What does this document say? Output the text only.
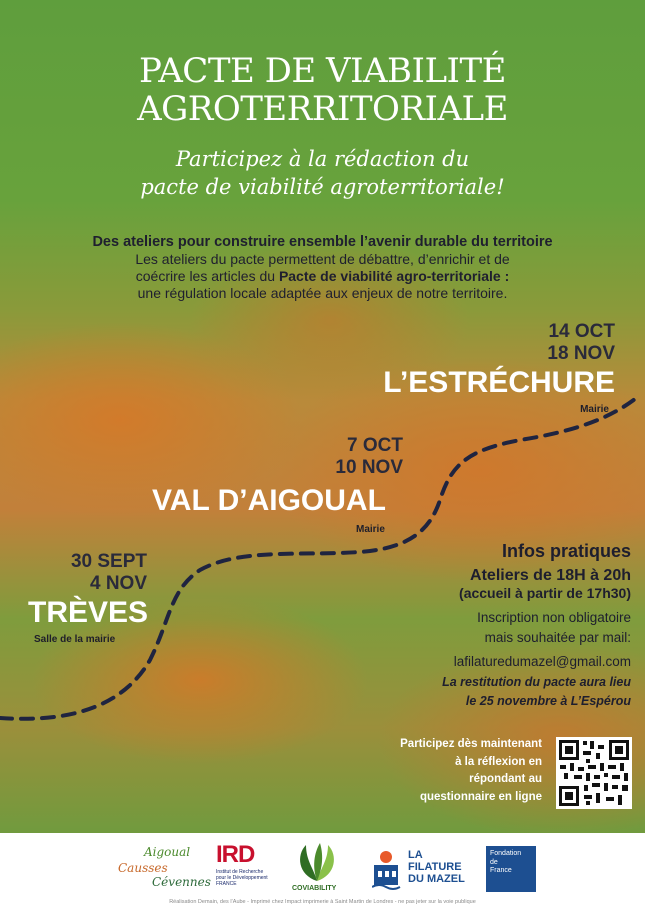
PACTE DE VIABILITÉ
AGROTERRITORIALE
Participez à la rédaction du
pacte de viabilité agroterritoriale!
Des ateliers pour construire ensemble l’avenir durable du territoire
Les ateliers du pacte permettent de débattre, d’enrichir et de
coécrire les articles du Pacte de viabilité agro-territoriale :
une régulation locale adaptée aux enjeux de notre territoire.
14 OCT
18 NOV
L’ESTRÉCHURE
Mairie
7 OCT
10 NOV
VAL D’AIGOUAL
Mairie
30 SEPT
4 NOV
TRÈVES
Salle de la mairie
Infos pratiques
Ateliers de 18H à 20h
(accueil à partir de 17h30)
Inscription non obligatoire
mais souhaitée par mail:
lafilaturedumazel@gmail.com
La restitution du pacte aura lieu
le 25 novembre à L’Espérou
Participez dès maintenant
à la réflexion en
répondant au
questionnaire en ligne
Aigoual
Causses
Cévennes
IRD
Institut de Recherche
pour le Développement
FRANCE
COVIABILITY
LA
FILATURE
DU MAZEL
Fondation
de
France
Réalisation Demain, des l’Aube - Imprimé chez Impact imprimerie à Saint Martin de Londres - ne pas jeter sur la voie publique
